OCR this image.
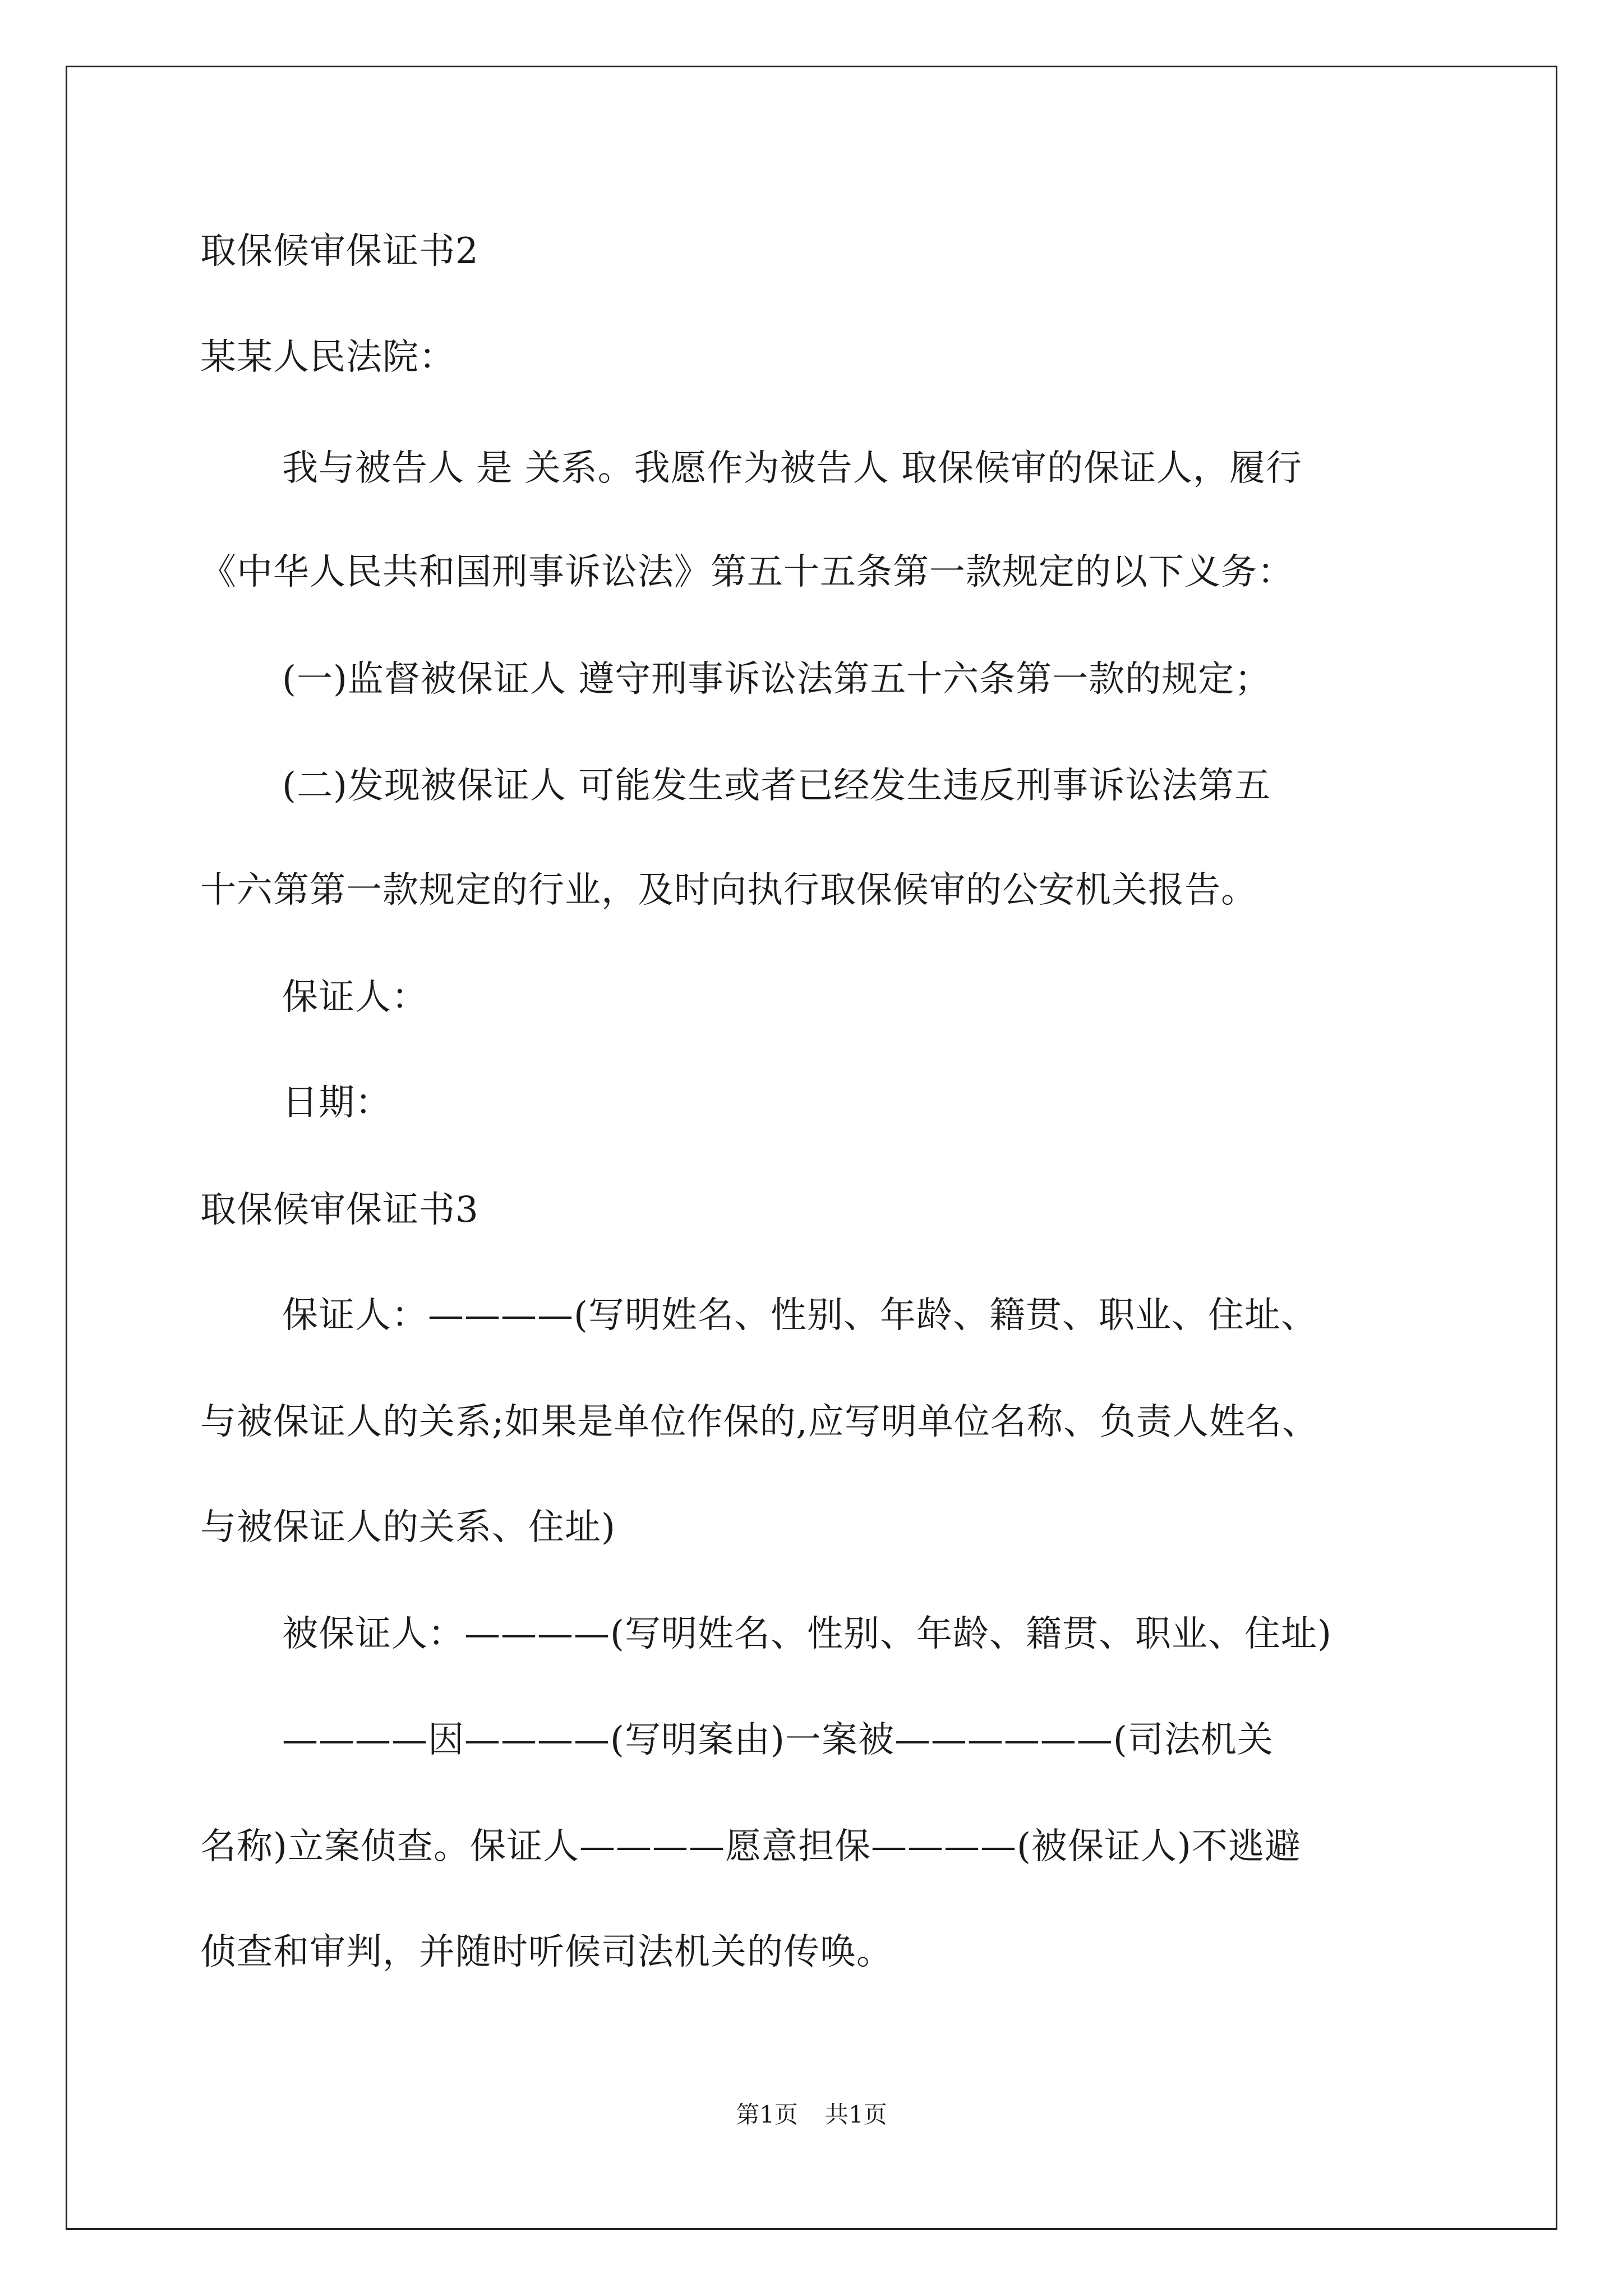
取保候审保证书2
某某人民法院：
我与被告人 是 关系。我愿作为被告人 取保候审的保证人，履行
《中华人民共和国刑事诉讼法》第五十五条第一款规定的以下义务：
(一)监督被保证人 遵守刑事诉讼法第五十六条第一款的规定；
(二)发现被保证人 可能发生或者已经发生违反刑事诉讼法第五
十六第第一款规定的行业，及时向执行取保候审的公安机关报告。
保证人：
日期：
取保候审保证书3
保证人：————(写明姓名、性别、年龄、籍贯、职业、住址、
与被保证人的关系;如果是单位作保的,应写明单位名称、负责人姓名、
与被保证人的关系、住址)
被保证人：————(写明姓名、性别、年龄、籍贯、职业、住址)
————因————(写明案由)一案被——————(司法机关
名称)立案侦查。保证人————愿意担保————(被保证人)不逃避
侦查和审判，并随时听候司法机关的传唤。
第1页 共1页
